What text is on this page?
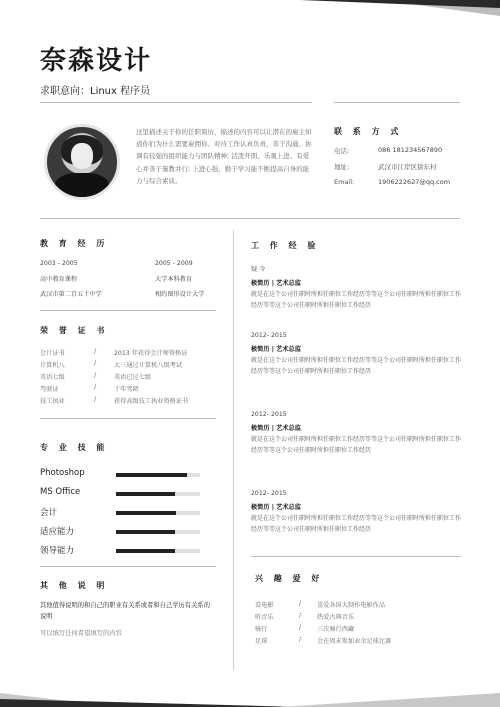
奈森设计
求职意向：Linux 程序员
这里描述关于你的任职简历，描述的内容可以让潜在的雇主知道你们为什么需要雇佣你。对待工作认真负责，善于沟通、协调有较强的组织能力与团队精神; 活泼开朗、乐观上进、有爱心并善于施教并行; 上进心强、勤于学习能不断提高自身的能力与综合素质。
联 系 方 式
电话:	086 181234567890
地址:	武汉市江岸区徐东村
Email:	1906222627@qq.com
教 育 经 历
2003 - 2005
高中教育课程
武汉市第二百五十中学
2005 - 2009
大学本科教育
相约图形设计大学
荣 誉 证 书
会计证书	/	2013 年获得会计师资格证
计算机八	/	大三通过计算机八级考试
英语七级	/	英语已过七级
驾驶证	/	十年驾龄
技工执业	/	获得高级技工执业资格证书
专 业 技 能
Photoshop
MS Office
会计
适应能力
领导能力
其 他 说 明
其他值得说明的和自己的职业有关系或者和自己学历有关系的说明
可以填写任何希望填写的内容
工 作 经 验
疑 今
极简历 | 艺术总监
就是在这个公司任职时所担任职位工作经历等等这个公司任职时所担任职位工作经历等等这个公司任职时所担任职位工作经历
2012- 2015
极简历 | 艺术总监
就是在这个公司任职时所担任职位工作经历等等这个公司任职时所担任职位工作经历等等这个公司任职时所担任职位工作经历
2012- 2015
极简历 | 艺术总监
就是在这个公司任职时所担任职位工作经历等等这个公司任职时所担任职位工作经历等等这个公司任职时所担任职位工作经历
2012- 2015
极简历 | 艺术总监
就是在这个公司任职时所担任职位工作经历等等这个公司任职时所担任职位工作经历等等这个公司任职时所担任职位工作经历
兴 趣 爱 好
看电影	/	喜爱各国大制作电影作品
听音乐	/	热爱古典音乐
骑行	/	三次骑行西藏
足球	/	会在周末参加业余足球比赛
